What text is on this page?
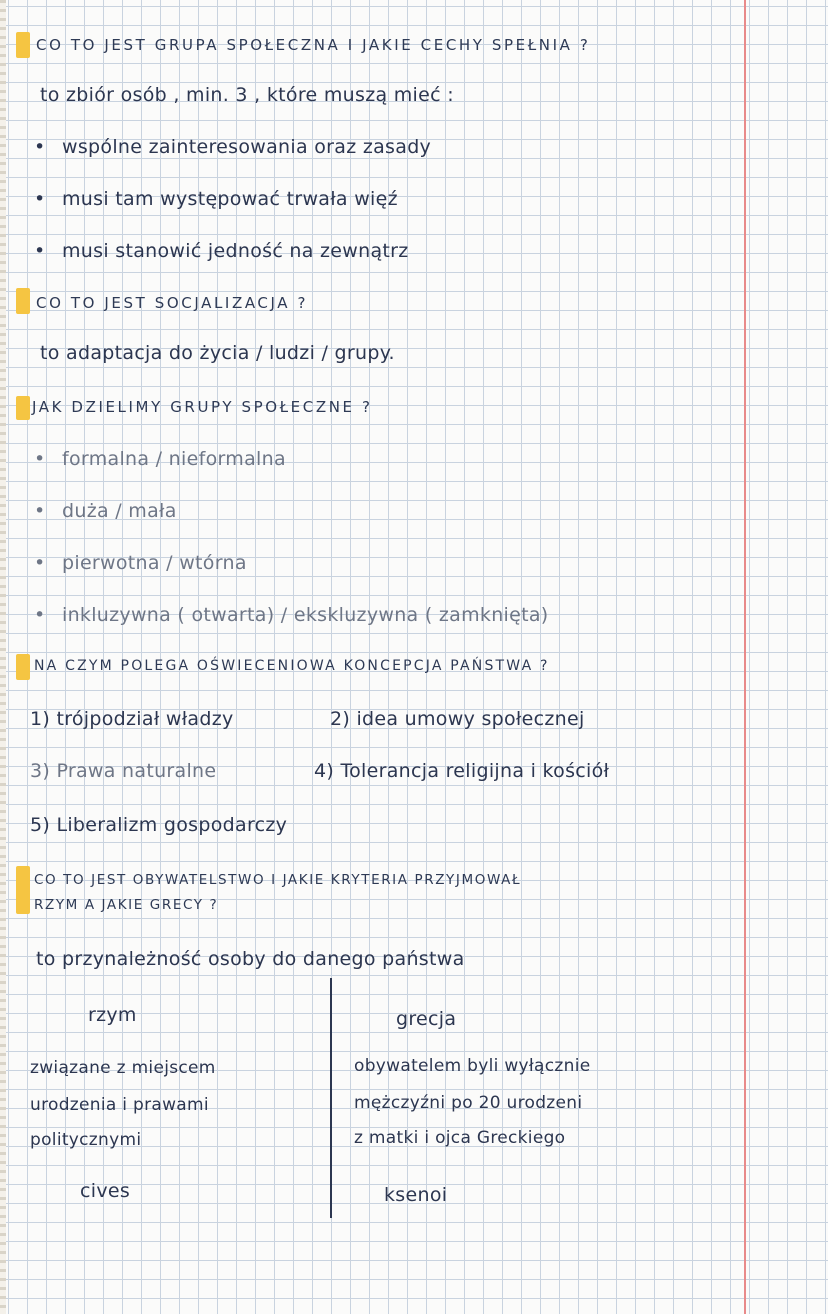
CO TO JEST GRUPA SPOŁECZNA I JAKIE CECHY SPEŁNIA ?
to zbiór osób , min. 3 , które muszą mieć :
• wspólne zainteresowania oraz zasady
• musi tam występować trwała więź
• musi stanowić jedność na zewnątrz
CO TO JEST SOCJALIZACJA ?
to adaptacja do życia / ludzi / grupy.
JAK DZIELIMY GRUPY SPOŁECZNE ?
• formalna / nieformalna
• duża / mała
• pierwotna / wtórna
• inkluzywna ( otwarta) / ekskluzywna ( zamknięta)
NA CZYM POLEGA OŚWIECENIOWA KONCEPCJA PAŃSTWA ?
1) trójpodział władzy	2) idea umowy społecznej
3) Prawa naturalne	4) Tolerancja religijna i kościół
5) Liberalizm gospodarczy
CO TO JEST OBYWATELSTWO I JAKIE KRYTERIA PRZYJMOWAŁ
RZYM A JAKIE GRECY ?
to przynależność osoby do danego państwa
rzym
związane z miejscem
urodzenia i prawami
politycznymi
cives
grecja
obywatelem byli wyłącznie
mężczyźni po 20 urodzeni
z matki i ojca Greckiego
ksenoi
